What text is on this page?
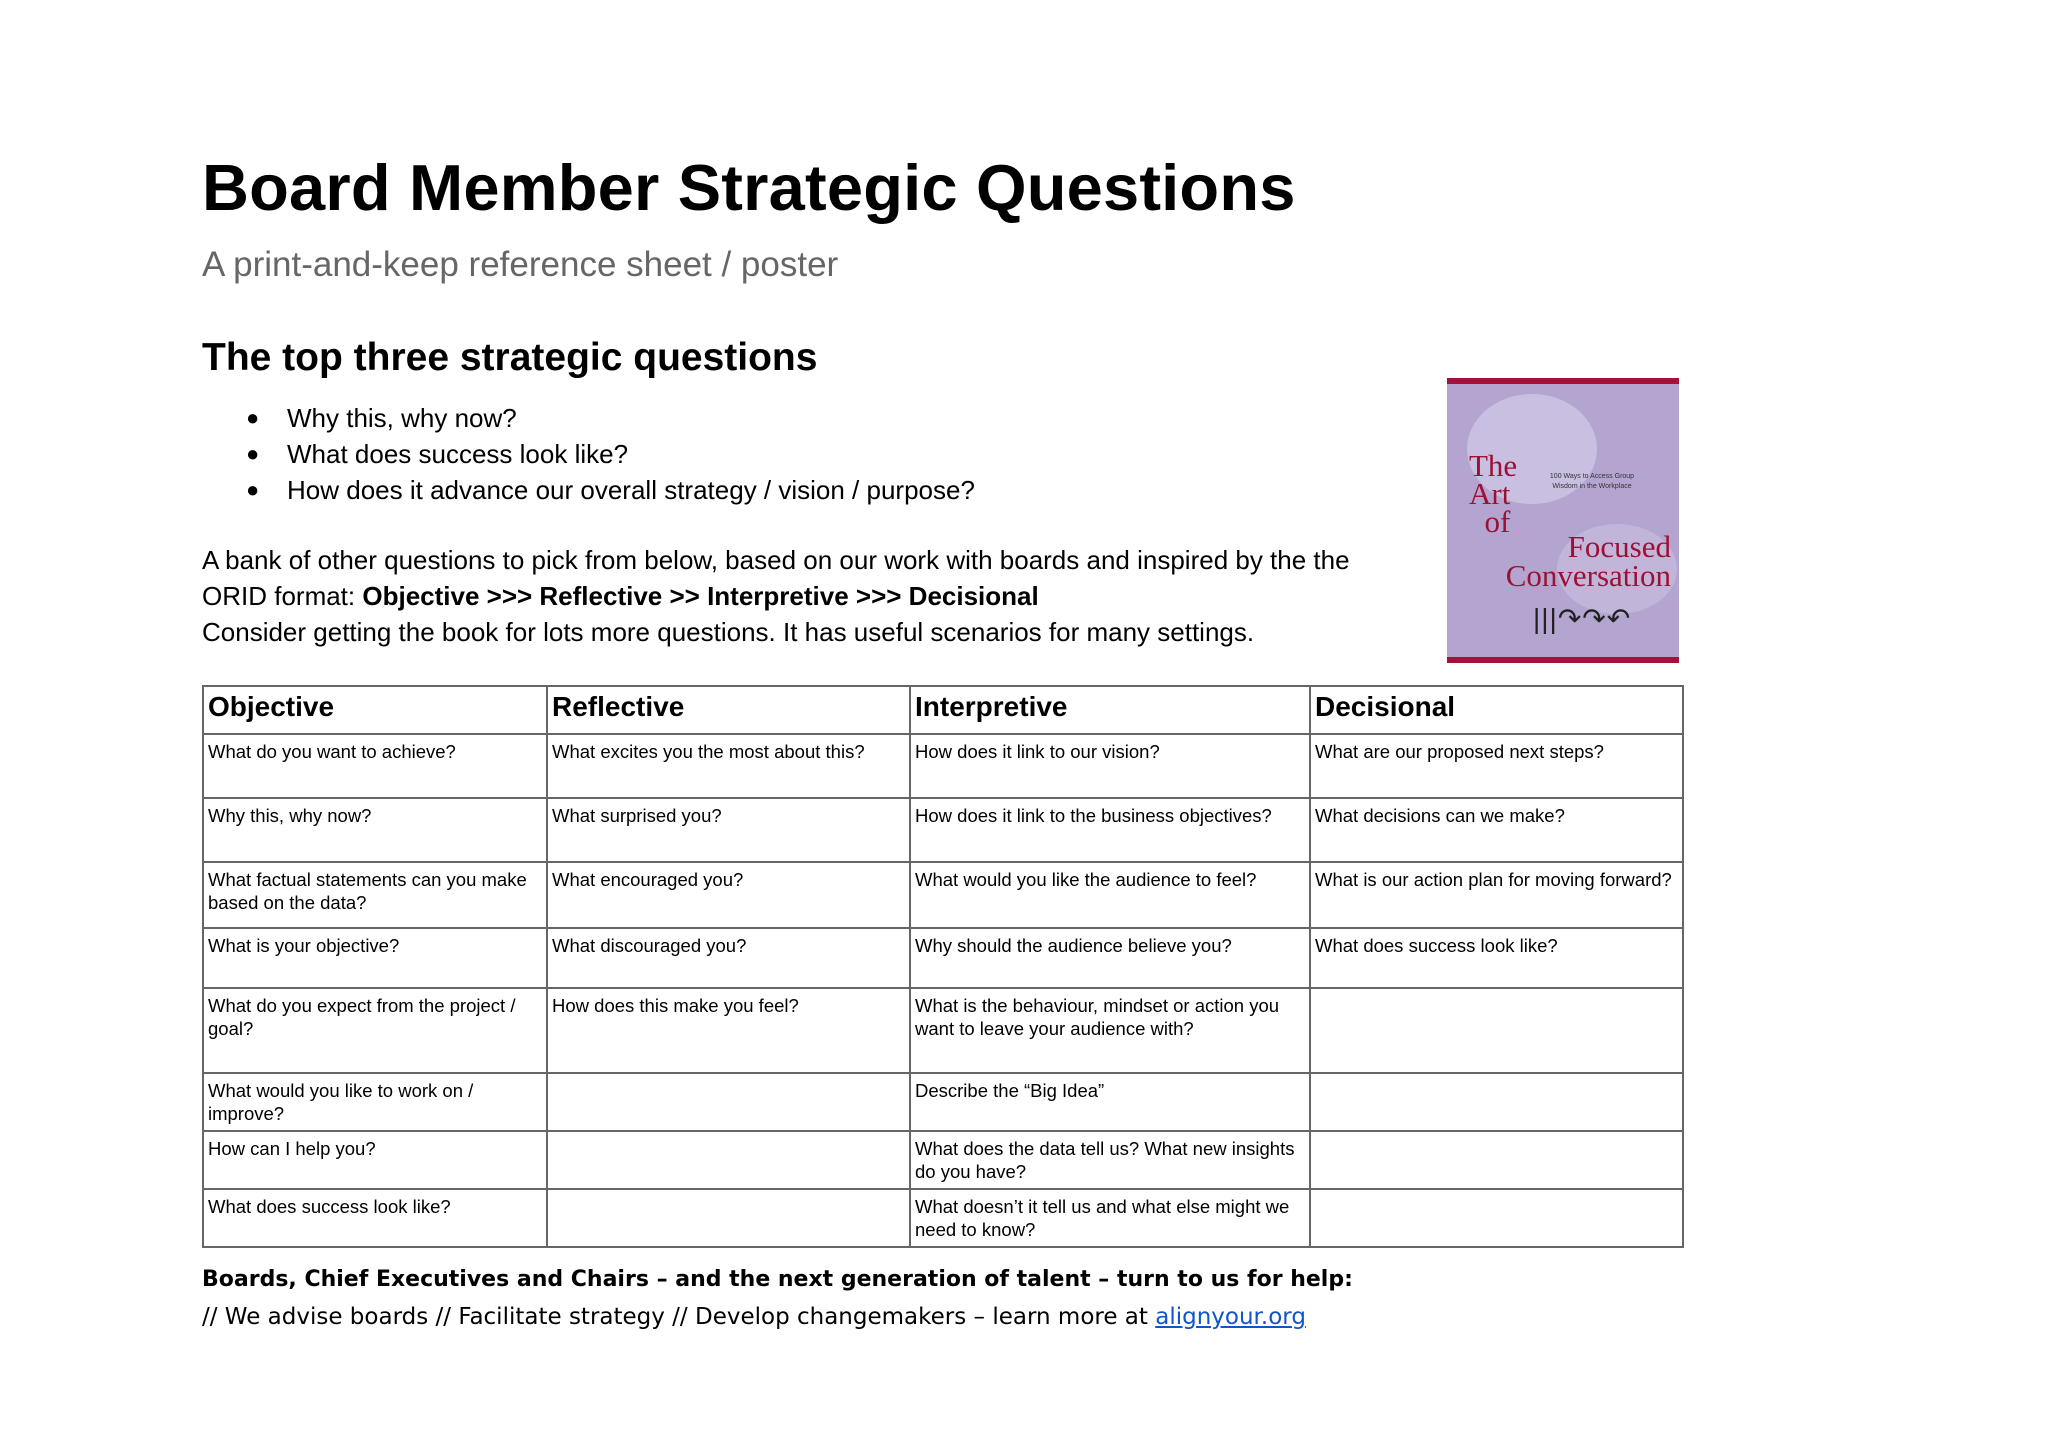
Board Member Strategic Questions
A print-and-keep reference sheet / poster
The top three strategic questions
● Why this, why now?
● What does success look like?
● How does it advance our overall strategy / vision / purpose?
A bank of other questions to pick from below, based on our work with boards and inspired by the the
ORID format: Objective >>> Reflective >> Interpretive >>> Decisional
Consider getting the book for lots more questions. It has useful scenarios for many settings.
The
Art
of
100 Ways to Access Group Wisdom in the Workplace
Focused
Conversation
|||↷↷↶
Objective	Reflective	Interpretive	Decisional
What do you want to achieve?	What excites you the most about this?	How does it link to our vision?	What are our proposed next steps?
Why this, why now?	What surprised you?	How does it link to the business objectives?	What decisions can we make?
What factual statements can you make based on the data?	What encouraged you?	What would you like the audience to feel?	What is our action plan for moving forward?
What is your objective?	What discouraged you?	Why should the audience believe you?	What does success look like?
What do you expect from the project / goal?	How does this make you feel?	What is the behaviour, mindset or action you want to leave your audience with?	
What would you like to work on / improve?		Describe the “Big Idea”	
How can I help you?		What does the data tell us? What new insights do you have?	
What does success look like?		What doesn’t it tell us and what else might we need to know?	
Boards, Chief Executives and Chairs – and the next generation of talent – turn to us for help:
// We advise boards // Facilitate strategy // Develop changemakers – learn more at alignyour.org
